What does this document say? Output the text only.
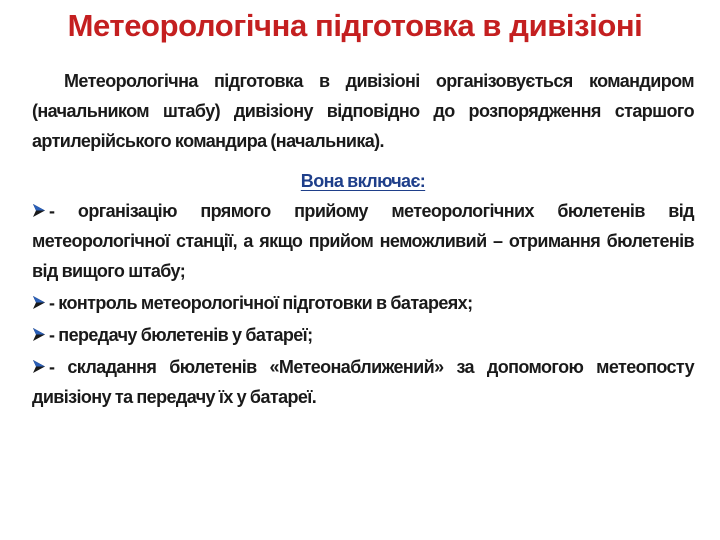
Метеорологічна підготовка в дивізіоні

Метеорологічна підготовка в дивізіоні організовується командиром (начальником штабу) дивізіону відповідно до розпорядження старшого артилерійського командира (начальника).

Вона включає:
- організацію прямого прийому метеорологічних бюлетенів від метеорологічної станції, а якщо прийом неможливий – отримання бюлетенів від вищого штабу;
- контроль метеорологічної підготовки в батареях;
- передачу бюлетенів у батареї;
- складання бюлетенів «Метеонаближений» за допомогою метеопосту дивізіону та передачу їх у батареї.
